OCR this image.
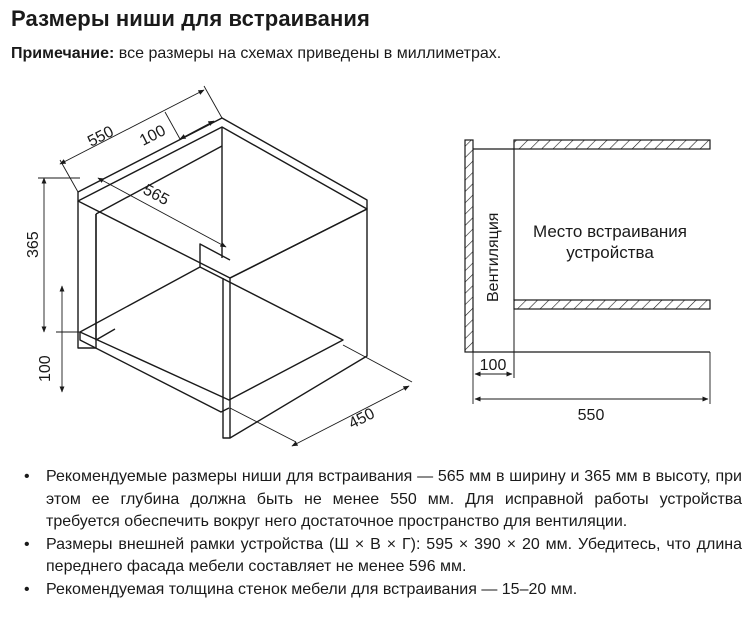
Размеры ниши для встраивания
Примечание: все размеры на схемах приведены в миллиметрах.
550 100
565
365
100
450
Вентиляция Место встраивания
устройства
100
550
• Рекомендуемые размеры ниши для встраивания — 565 мм в ширину и 365 мм в высоту, при этом ее глубина должна быть не менее 550 мм. Для исправной работы устройства требуется обеспечить вокруг него достаточное пространство для вентиляции.
• Размеры внешней рамки устройства (Ш × В × Г): 595 × 390 × 20 мм. Убедитесь, что длина переднего фасада мебели составляет не менее 596 мм.
• Рекомендуемая толщина стенок мебели для встраивания — 15–20 мм.
